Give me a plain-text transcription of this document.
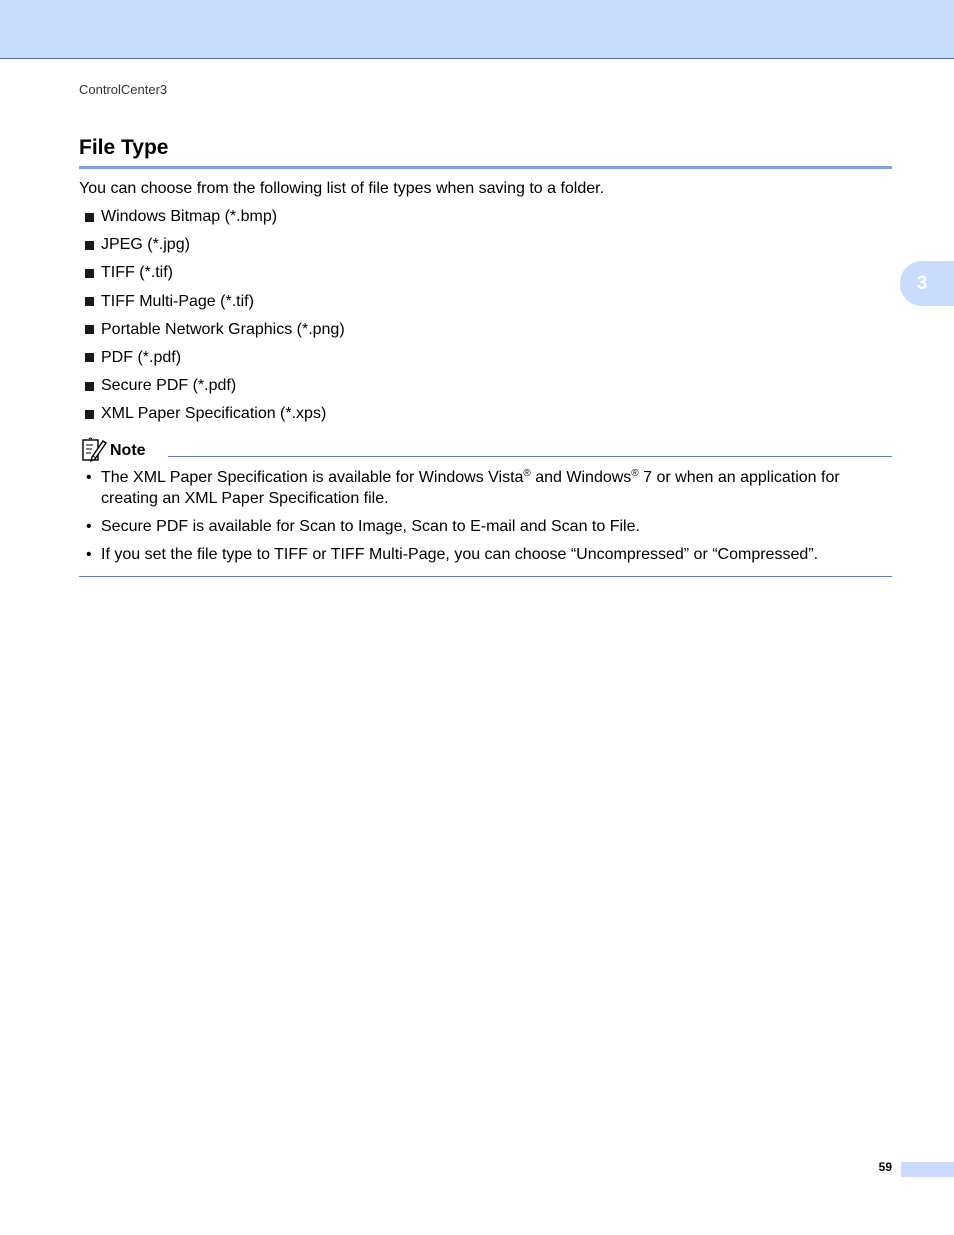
ControlCenter3
3
File Type

You can choose from the following list of file types when saving to a folder.

Windows Bitmap (*.bmp)
JPEG (*.jpg)
TIFF (*.tif)
TIFF Multi-Page (*.tif)
Portable Network Graphics (*.png)
PDF (*.pdf)
Secure PDF (*.pdf)
XML Paper Specification (*.xps)
Note
• The XML Paper Specification is available for Windows Vista® and Windows® 7 or when an application for creating an XML Paper Specification file.
• Secure PDF is available for Scan to Image, Scan to E-mail and Scan to File.
• If you set the file type to TIFF or TIFF Multi-Page, you can choose “Uncompressed” or “Compressed”.
59
